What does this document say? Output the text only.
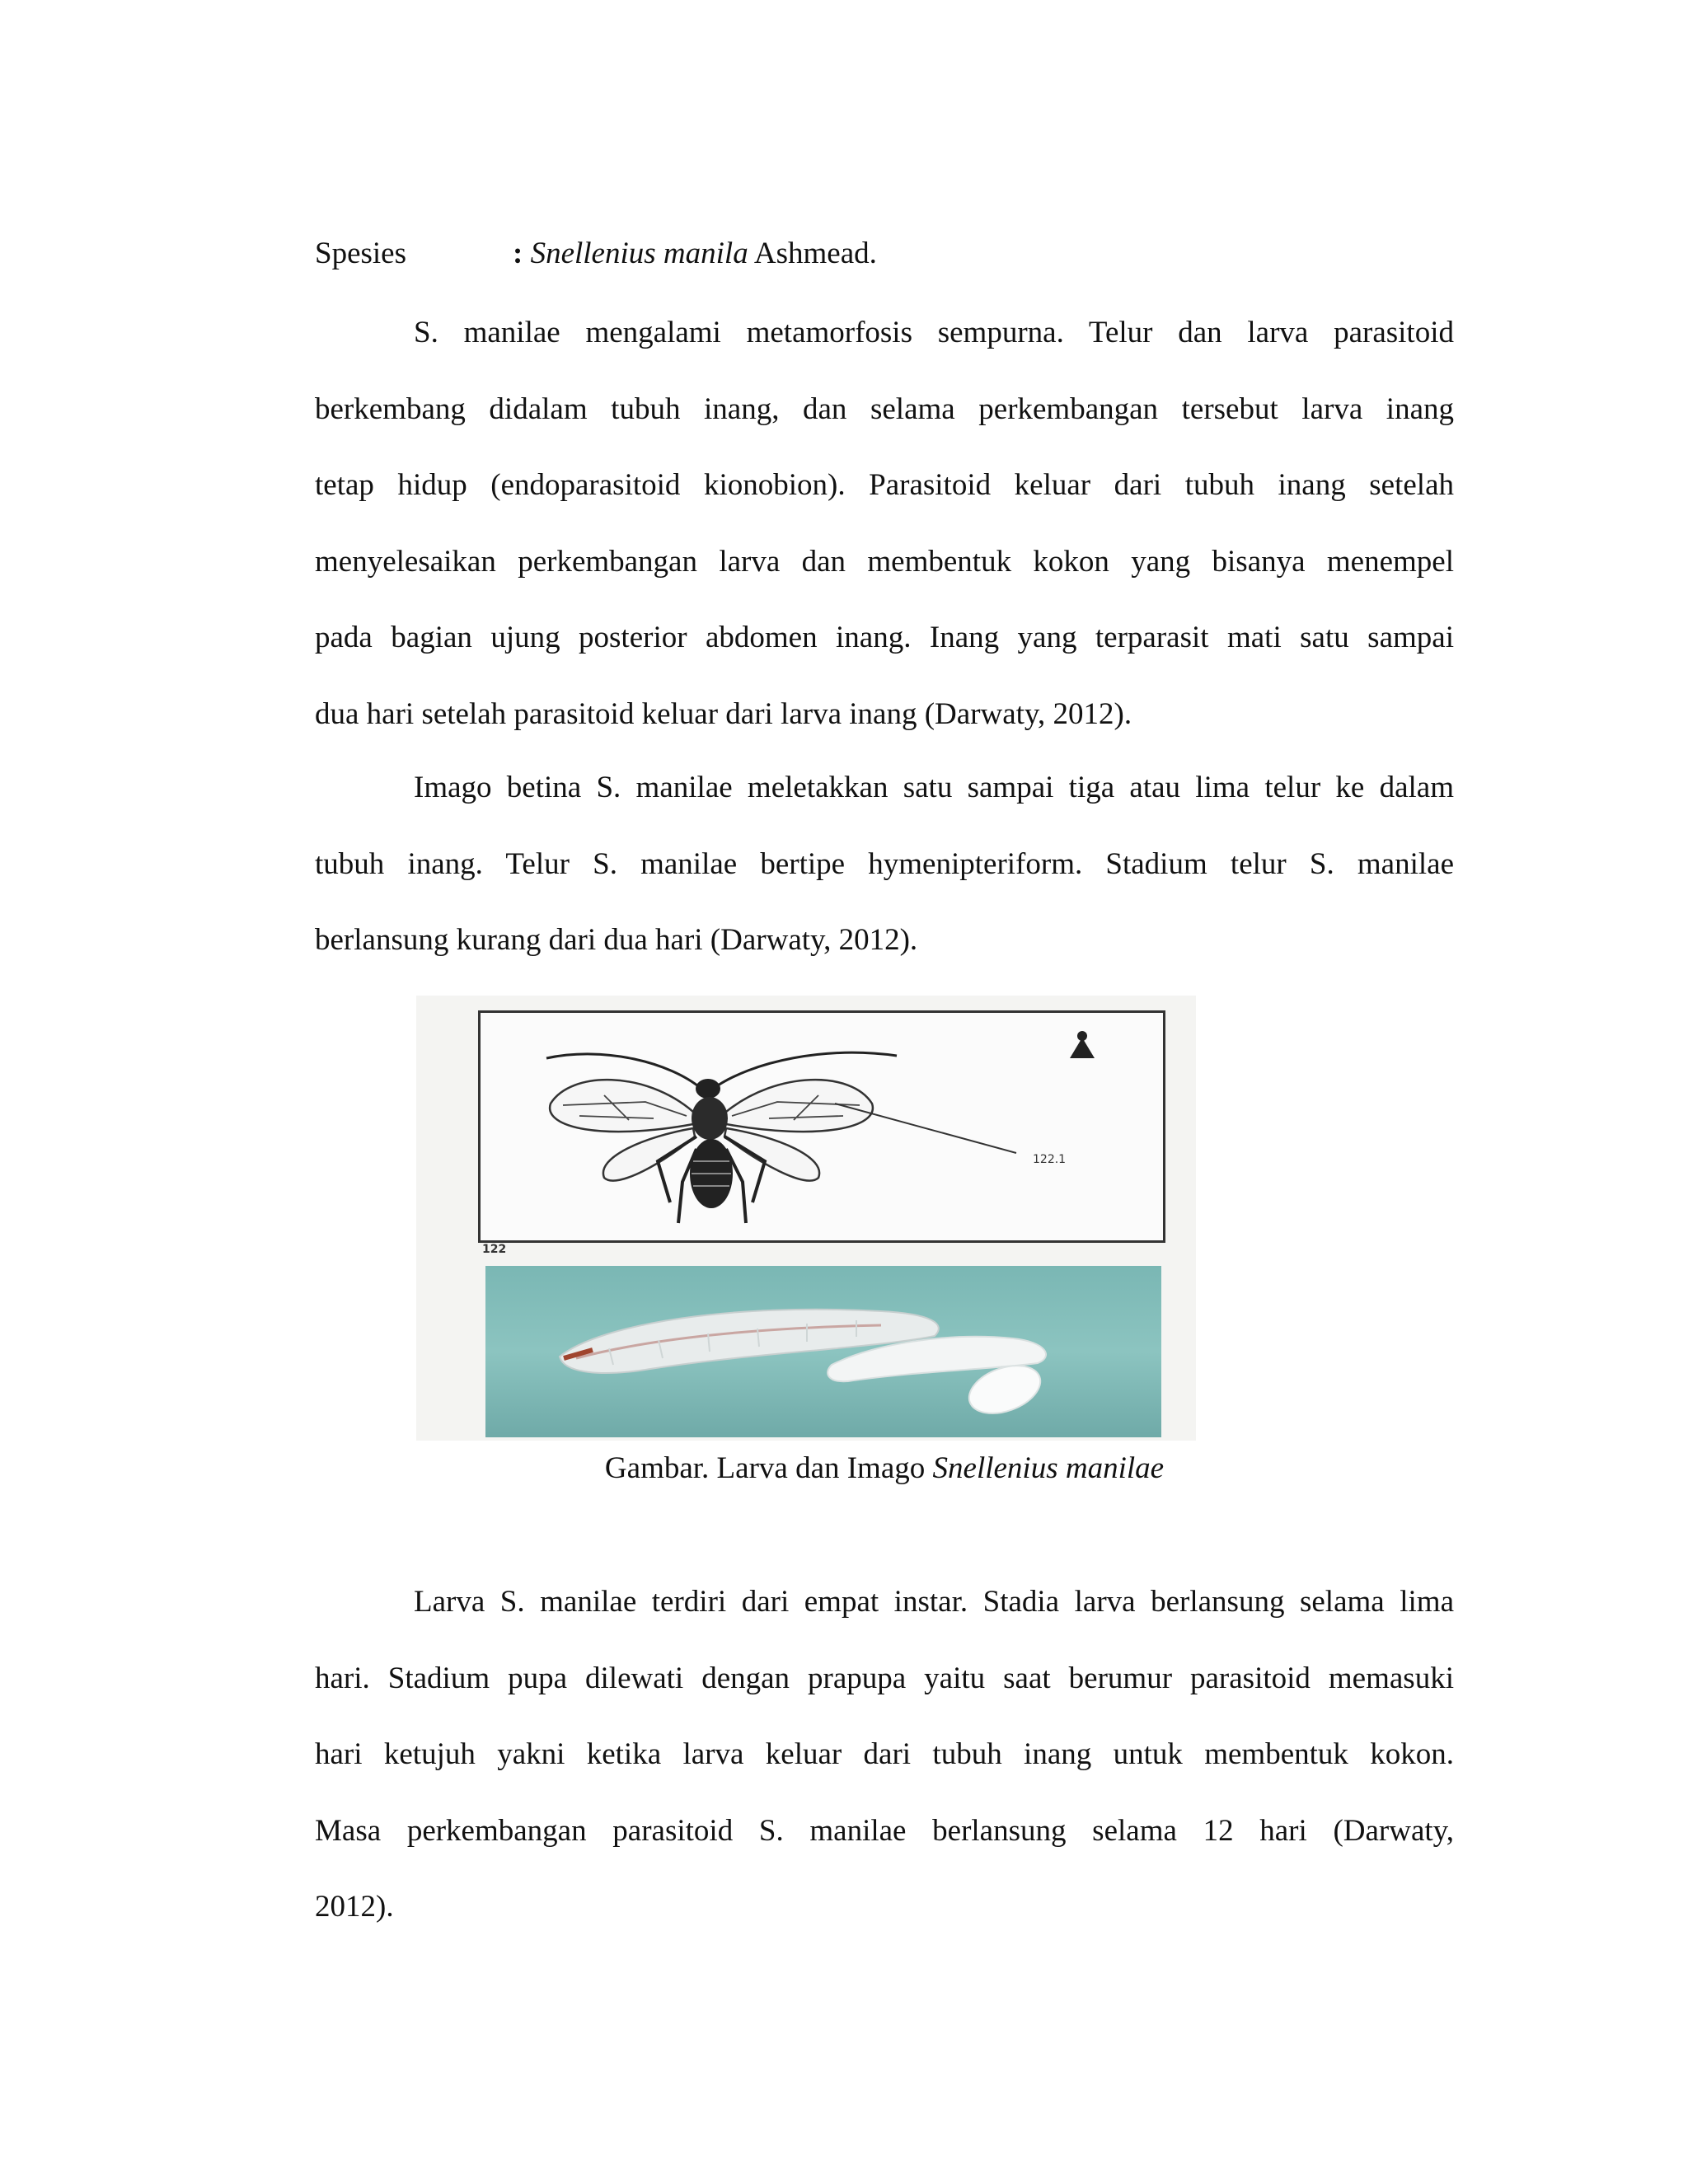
Spesies	: Snellenius manila Ashmead.
S. manilae mengalami metamorfosis sempurna. Telur dan larva parasitoid
berkembang didalam tubuh inang, dan selama perkembangan tersebut larva inang
tetap hidup (endoparasitoid kionobion). Parasitoid keluar dari tubuh inang setelah
menyelesaikan perkembangan larva dan membentuk kokon yang bisanya menempel
pada bagian ujung posterior abdomen inang. Inang yang terparasit mati satu sampai
dua hari setelah parasitoid keluar dari larva inang (Darwaty, 2012).
Imago betina S. manilae meletakkan satu sampai tiga atau lima telur ke dalam
tubuh inang. Telur S. manilae bertipe hymenipteriform. Stadium telur S. manilae
berlansung kurang dari dua hari (Darwaty, 2012).
122.1
122
Gambar. Larva dan Imago Snellenius manilae
Larva S. manilae terdiri dari empat instar. Stadia larva berlansung selama lima
hari. Stadium pupa dilewati dengan prapupa yaitu saat berumur parasitoid memasuki
hari ketujuh yakni ketika larva keluar dari tubuh inang untuk membentuk kokon.
Masa perkembangan parasitoid S. manilae berlansung selama 12 hari (Darwaty,
2012).
